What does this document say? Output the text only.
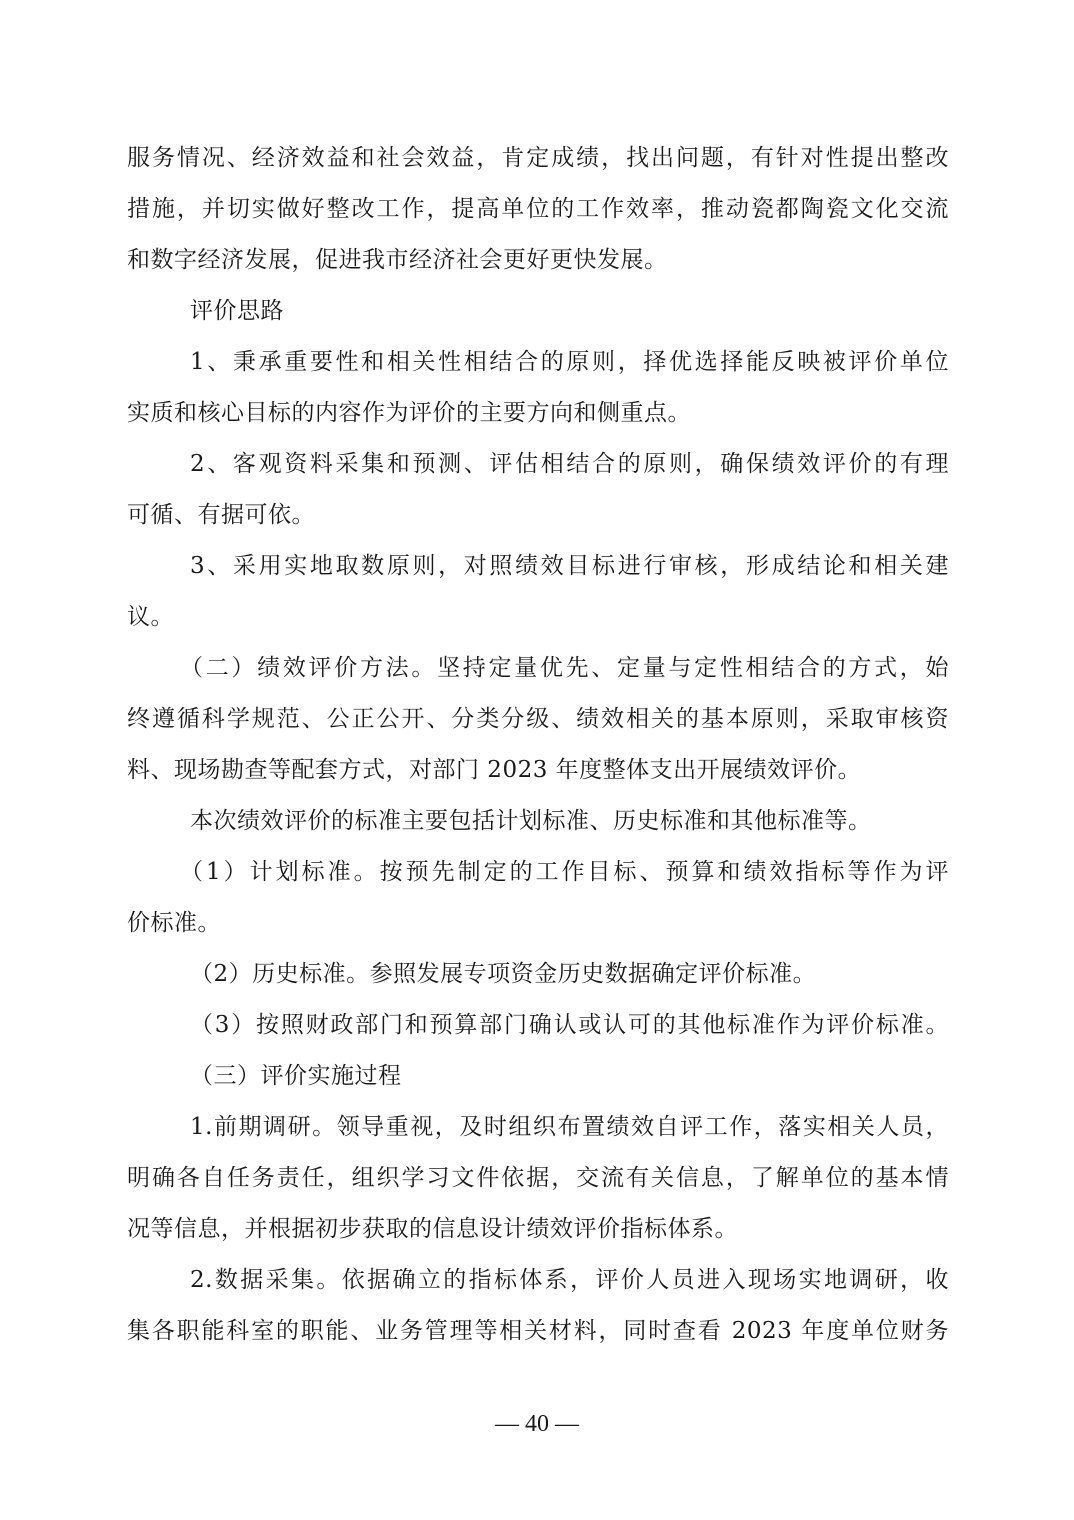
服务情况、经济效益和社会效益，肯定成绩，找出问题，有针对性提出整改
措施，并切实做好整改工作，提高单位的工作效率，推动瓷都陶瓷文化交流
和数字经济发展，促进我市经济社会更好更快发展。
评价思路
1、秉承重要性和相关性相结合的原则，择优选择能反映被评价单位
实质和核心目标的内容作为评价的主要方向和侧重点。
2、客观资料采集和预测、评估相结合的原则，确保绩效评价的有理
可循、有据可依。
3、采用实地取数原则，对照绩效目标进行审核，形成结论和相关建
议。
（二）绩效评价方法。坚持定量优先、定量与定性相结合的方式，始
终遵循科学规范、公正公开、分类分级、绩效相关的基本原则，采取审核资
料、现场勘查等配套方式，对部门 2023 年度整体支出开展绩效评价。
本次绩效评价的标准主要包括计划标准、历史标准和其他标准等。
（1）计划标准。按预先制定的工作目标、预算和绩效指标等作为评
价标准。
（2）历史标准。参照发展专项资金历史数据确定评价标准。
（3）按照财政部门和预算部门确认或认可的其他标准作为评价标准。
（三）评价实施过程
1.前期调研。领导重视，及时组织布置绩效自评工作，落实相关人员，
明确各自任务责任，组织学习文件依据，交流有关信息，了解单位的基本情
况等信息，并根据初步获取的信息设计绩效评价指标体系。
2.数据采集。依据确立的指标体系，评价人员进入现场实地调研，收
集各职能科室的职能、业务管理等相关材料，同时查看 2023 年度单位财务
— 40 —
